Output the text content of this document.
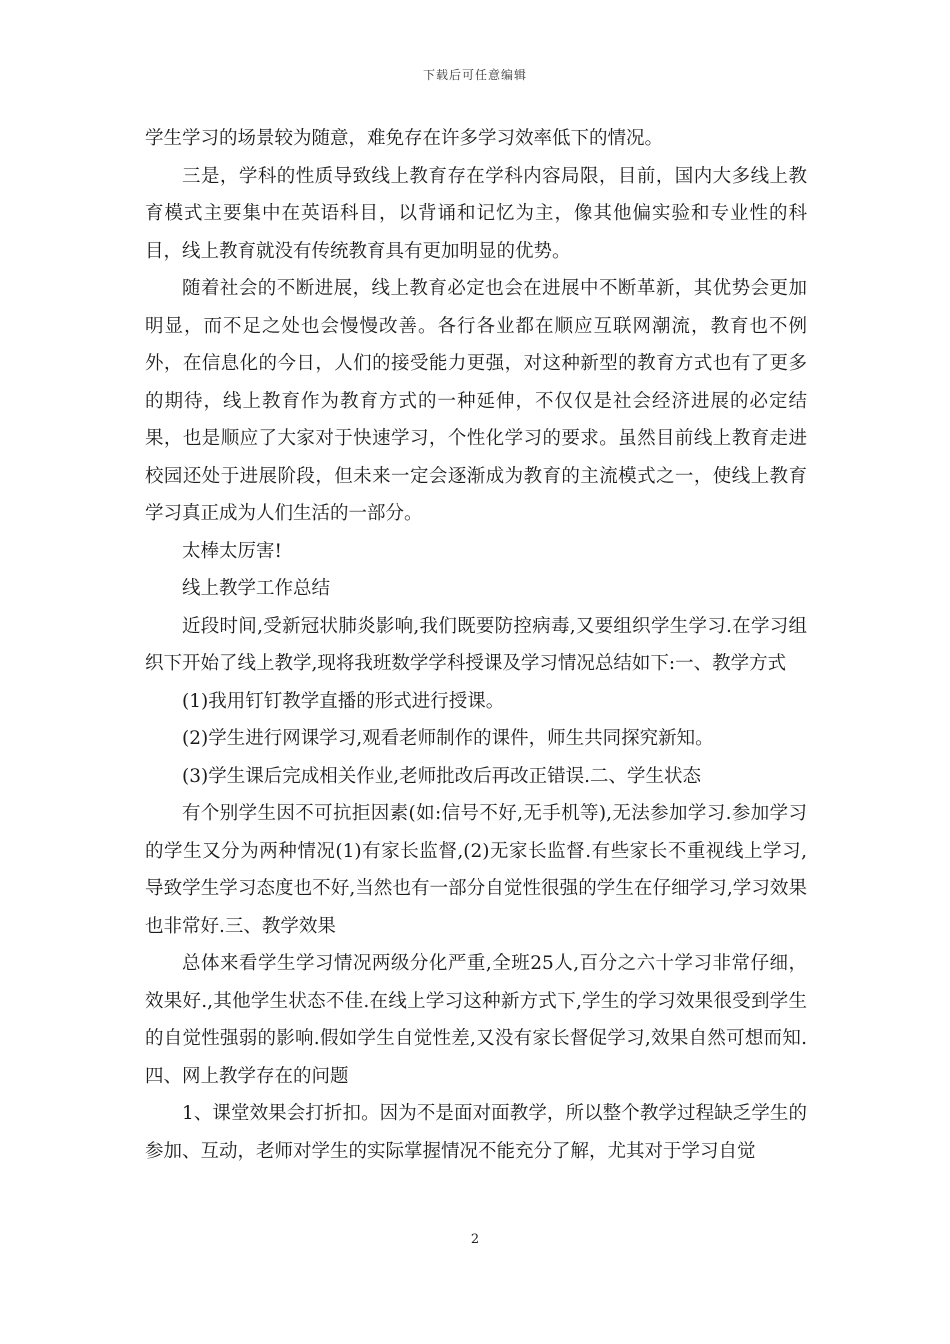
下载后可任意编辑

学生学习的场景较为随意，难免存在许多学习效率低下的情况。

三是，学科的性质导致线上教育存在学科内容局限，目前，国内大多线上教育模式主要集中在英语科目，以背诵和记忆为主，像其他偏实验和专业性的科目，线上教育就没有传统教育具有更加明显的优势。

随着社会的不断进展，线上教育必定也会在进展中不断革新，其优势会更加明显，而不足之处也会慢慢改善。各行各业都在顺应互联网潮流，教育也不例外，在信息化的今日，人们的接受能力更强，对这种新型的教育方式也有了更多的期待，线上教育作为教育方式的一种延伸，不仅仅是社会经济进展的必定结果，也是顺应了大家对于快速学习，个性化学习的要求。虽然目前线上教育走进校园还处于进展阶段，但未来一定会逐渐成为教育的主流模式之一，使线上教育学习真正成为人们生活的一部分。

太棒太厉害!

线上教学工作总结

近段时间,受新冠状肺炎影响,我们既要防控病毒,又要组织学生学习.在学习组织下开始了线上教学,现将我班数学学科授课及学习情况总结如下:一、教学方式

(1)我用钉钉教学直播的形式进行授课。

(2)学生进行网课学习,观看老师制作的课件，师生共同探究新知。

(3)学生课后完成相关作业,老师批改后再改正错误.二、学生状态

有个别学生因不可抗拒因素(如:信号不好,无手机等),无法参加学习.参加学习的学生又分为两种情况(1)有家长监督,(2)无家长监督.有些家长不重视线上学习,导致学生学习态度也不好,当然也有一部分自觉性很强的学生在仔细学习,学习效果也非常好.三、教学效果

总体来看学生学习情况两级分化严重,全班25人,百分之六十学习非常仔细，效果好.,其他学生状态不佳.在线上学习这种新方式下,学生的学习效果很受到学生的自觉性强弱的影响.假如学生自觉性差,又没有家长督促学习,效果自然可想而知.四、网上教学存在的问题

1、课堂效果会打折扣。因为不是面对面教学，所以整个教学过程缺乏学生的参加、互动，老师对学生的实际掌握情况不能充分了解，尤其对于学习自觉

2
